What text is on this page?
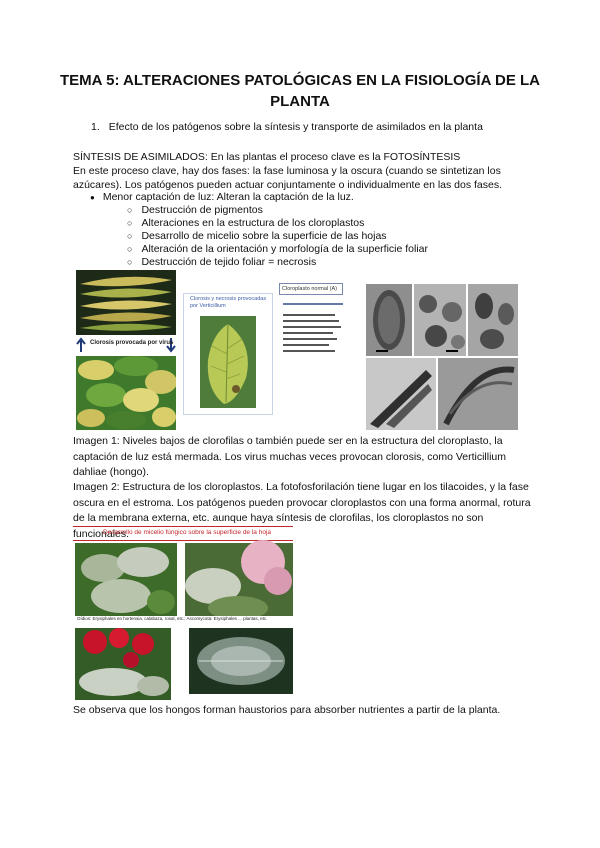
TEMA 5: ALTERACIONES PATOLÓGICAS EN LA FISIOLOGÍA DE LA
PLANTA
1. Efecto de los patógenos sobre la síntesis y transporte de asimilados en la planta
SÍNTESIS DE ASIMILADOS: En las plantas el proceso clave es la FOTOSÍNTESIS
En este proceso clave, hay dos fases: la fase luminosa y la oscura (cuando se sintetizan los
azúcares). Los patógenos pueden actuar conjuntamente o individualmente en las dos fases.
● Menor captación de luz: Alteran la captación de la luz.
○ Destrucción de pigmentos
○ Alteraciones en la estructura de los cloroplastos
○ Desarrollo de micelio sobre la superficie de las hojas
○ Alteración de la orientación y morfología de la superficie foliar
○ Destrucción de tejido foliar = necrosis
Clorosis provocada por virus
Clorosis y necrosis provocadas por Verticillium
Cloroplasto normal (A)
Imagen 1: Niveles bajos de clorofilas o también puede ser en la estructura del cloroplasto, la captación de luz está mermada. Los virus muchas veces provocan clorosis, como Verticillium dahliae (hongo).
Imagen 2: Estructura de los cloroplastos. La fotofosforilación tiene lugar en los tilacoides, y la fase oscura en el estroma. Los patógenos pueden provocar cloroplastos con una forma anormal, rotura de la membrana externa, etc. aunque haya síntesis de clorofilas, los cloroplastos no son funcionales.
Desarrollo de micelio fúngico sobre la superficie de la hoja
Oídios: Erysiphales en hortensia, calabaza, rosal, etc.; Ascomycota: Erysiphales ... plantas, etc.
Se observa que los hongos forman haustorios para absorber nutrientes a partir de la planta.
